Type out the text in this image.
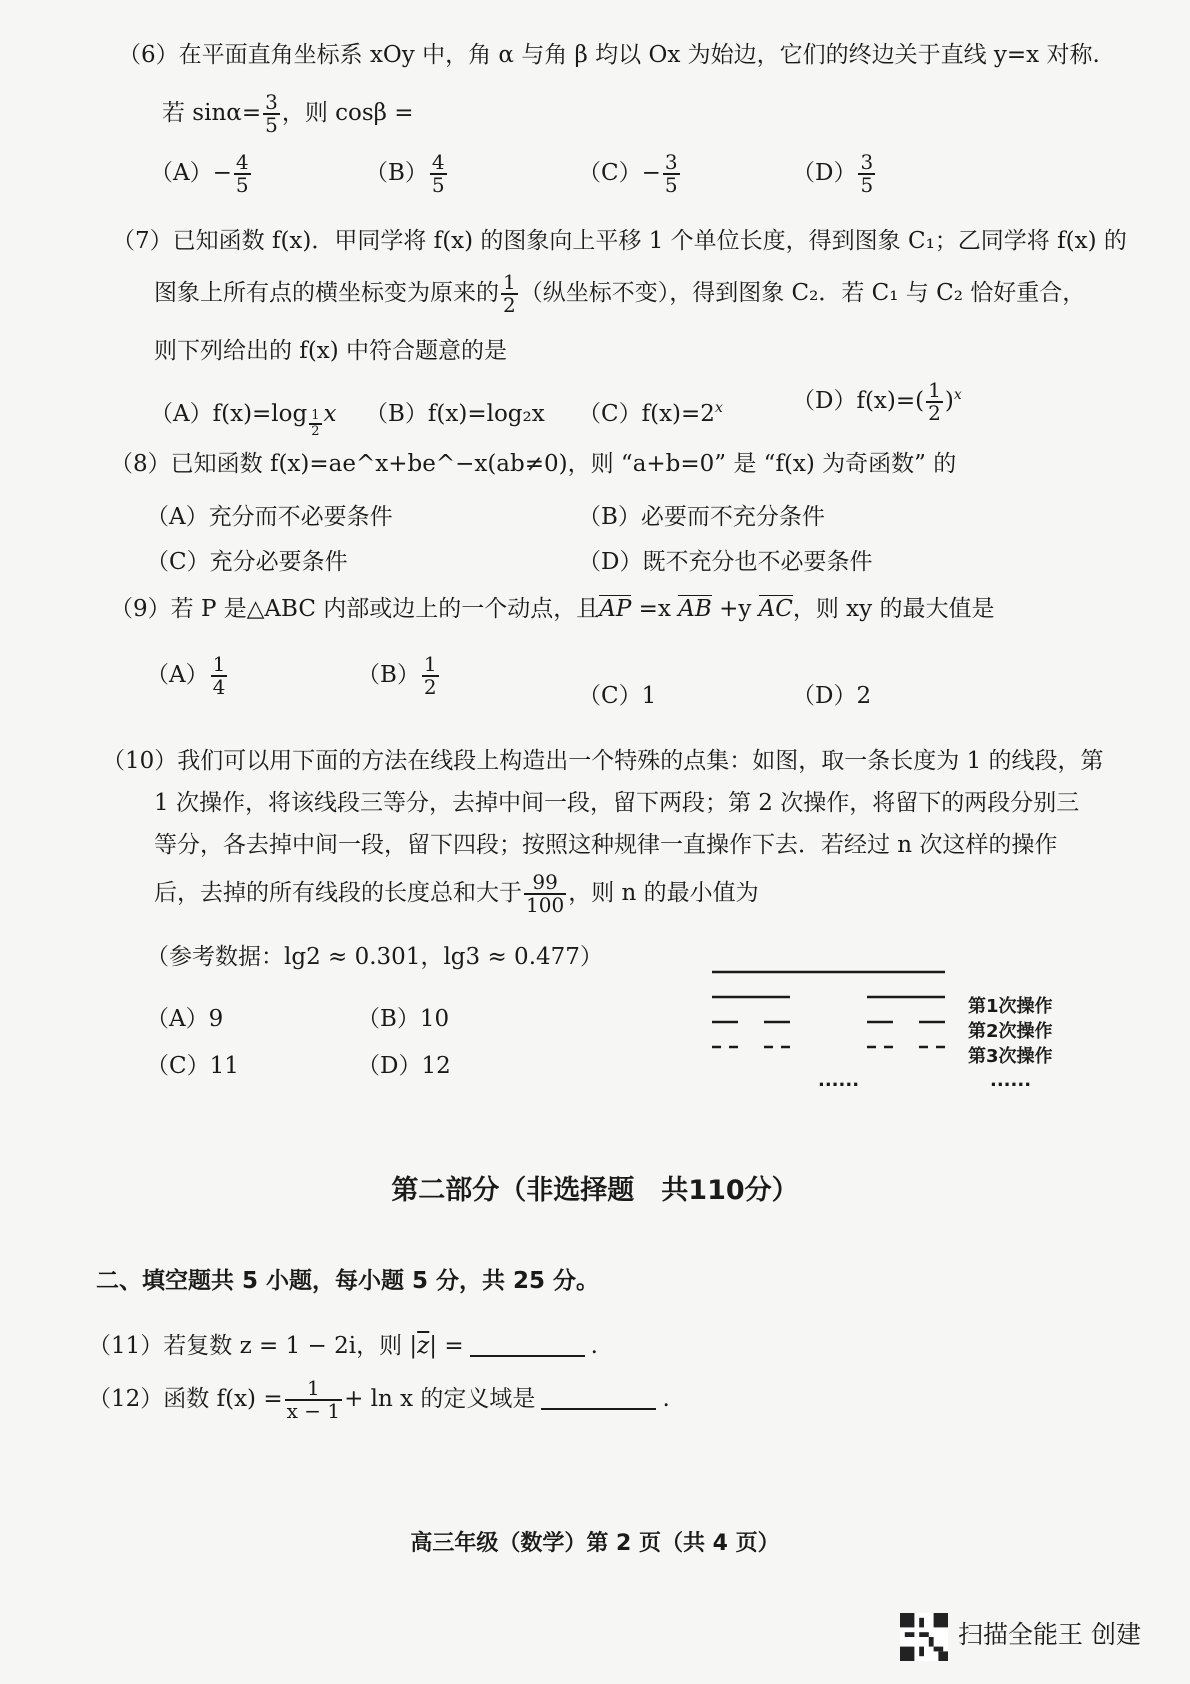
（6）在平面直角坐标系 xOy 中，角 α 与角 β 均以 Ox 为始边，它们的终边关于直线 y=x 对称.
若 $\sin\alpha= \frac{3}{5}$ ，则 cosβ =
$(A)- \frac{4}{5}$	$(B) \frac{4}{5}$	$(C)- \frac{3}{5}$	$(D) \frac{3}{5}$
（7）已知函数 f(x)．甲同学将 f(x) 的图象向上平移 1 个单位长度，得到图象 C₁；乙同学将 f(x) 的
图象上所有点的横坐标变为原来的 $\frac{1}{2}$ （纵坐标不变），得到图象 C₂．若 C₁ 与 C₂ 恰好重合，
则下列给出的 f(x) 中符合题意的是
$(A)f(x)=\log \frac{1}{2}$ x （B）f(x)=log₂x $(C)f(x)=2^x$	$(D)f(x)=( \frac{1}{2} )^x$
（8）已知函数 f(x)=ae^x+be^−x(ab≠0)，则 “a+b=0” 是 “f(x) 为奇函数” 的
（A）充分而不必要条件	（B）必要而不充分条件
（C）充分必要条件	（D）既不充分也不必要条件
（9）若 P 是△ABC 内部或边上的一个动点，且AP =x AB +y AC，则 xy 的最大值是
$(A) \frac{1}{4}$	$(B) \frac{1}{2}$	（C）1	（D）2
（10）我们可以用下面的方法在线段上构造出一个特殊的点集：如图，取一条长度为 1 的线段，第
1 次操作，将该线段三等分，去掉中间一段，留下两段；第 2 次操作，将留下的两段分别三
等分，各去掉中间一段，留下四段；按照这种规律一直操作下去．若经过 n 次这样的操作
后，去掉的所有线段的长度总和大于 $\frac{99}{100}$ ，则 n 的最小值为
（参考数据：lg2 ≈ 0.301，lg3 ≈ 0.477）
（A）9	（B）10
（C）11	（D）12
第1次操作
第2次操作
第3次操作
......	......
第二部分（非选择题　共110分）
二、填空题共 5 小题，每小题 5 分，共 25 分。
（11）若复数 z = 1 − 2i，则 $|\overline{z}|$ =	.
（12）函数 $f(x) = \frac{1}{x - 1} + \ln x$ 的定义域是	.
高三年级（数学）第 2 页（共 4 页）
扫描全能王 创建
